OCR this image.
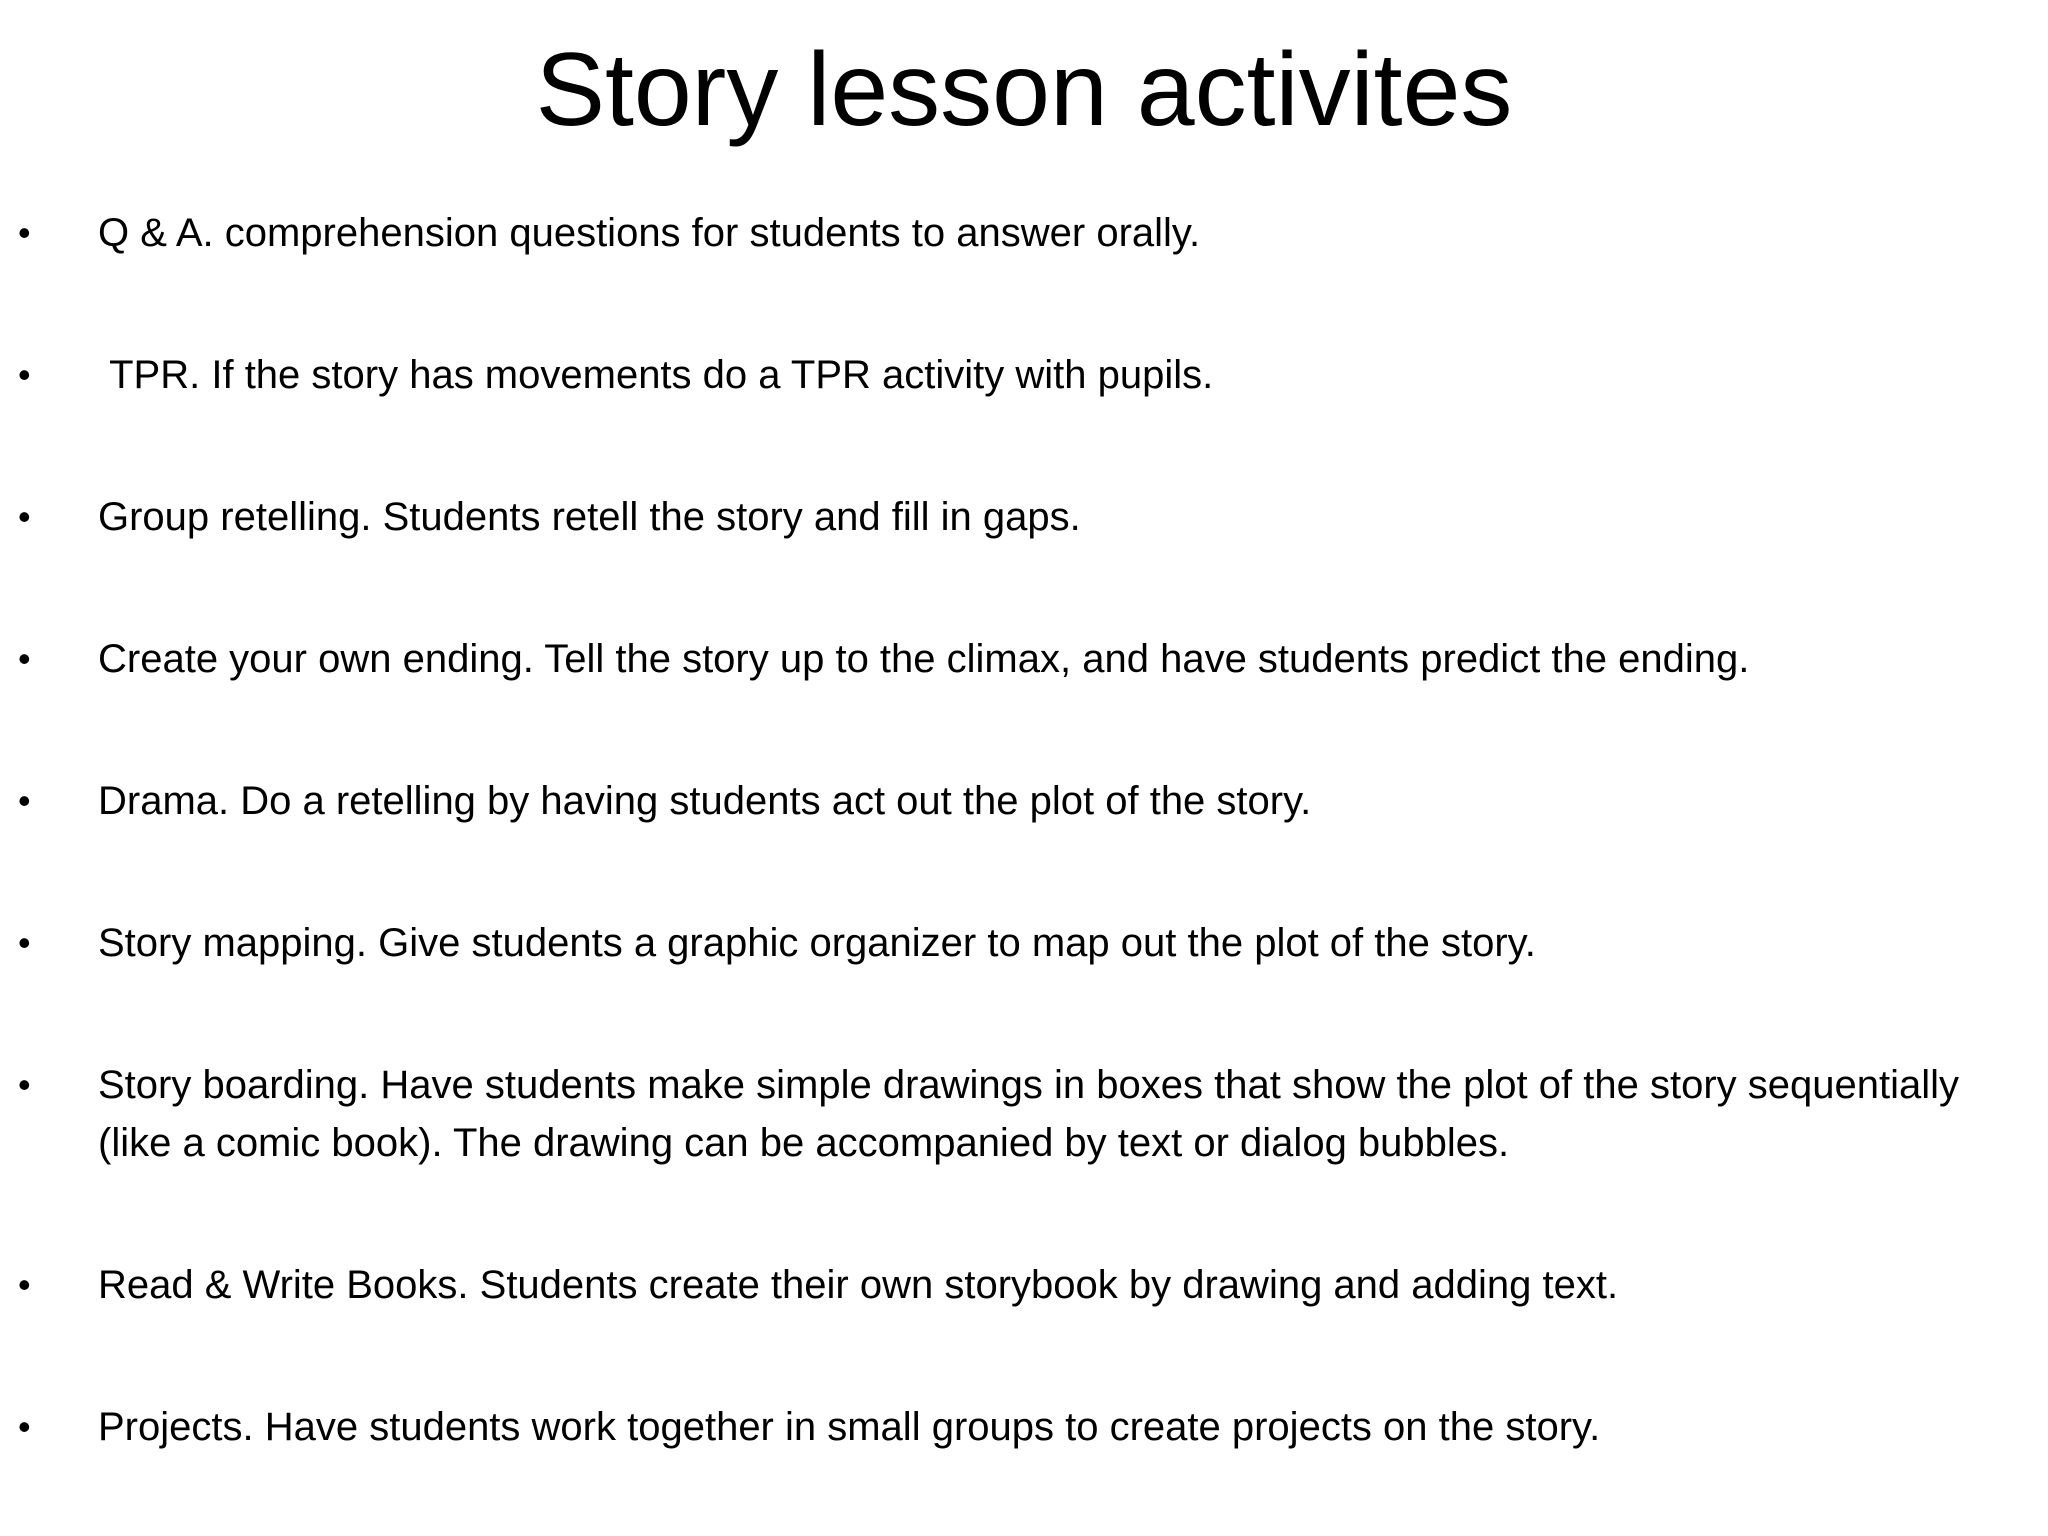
Story lesson activites
•	Q & A. comprehension questions for students to answer orally.
•	TPR. If the story has movements do a TPR activity with pupils.
•	Group retelling. Students retell the story and fill in gaps.
•	Create your own ending. Tell the story up to the climax, and have students predict the ending.
•	Drama. Do a retelling by having students act out the plot of the story.
•	Story mapping. Give students a graphic organizer to map out the plot of the story.
•	Story boarding. Have students make simple drawings in boxes that show the plot of the story sequentially (like a comic book). The drawing can be accompanied by text or dialog bubbles.
•	Read & Write Books. Students create their own storybook by drawing and adding text.
•	Projects. Have students work together in small groups to create projects on the story.
